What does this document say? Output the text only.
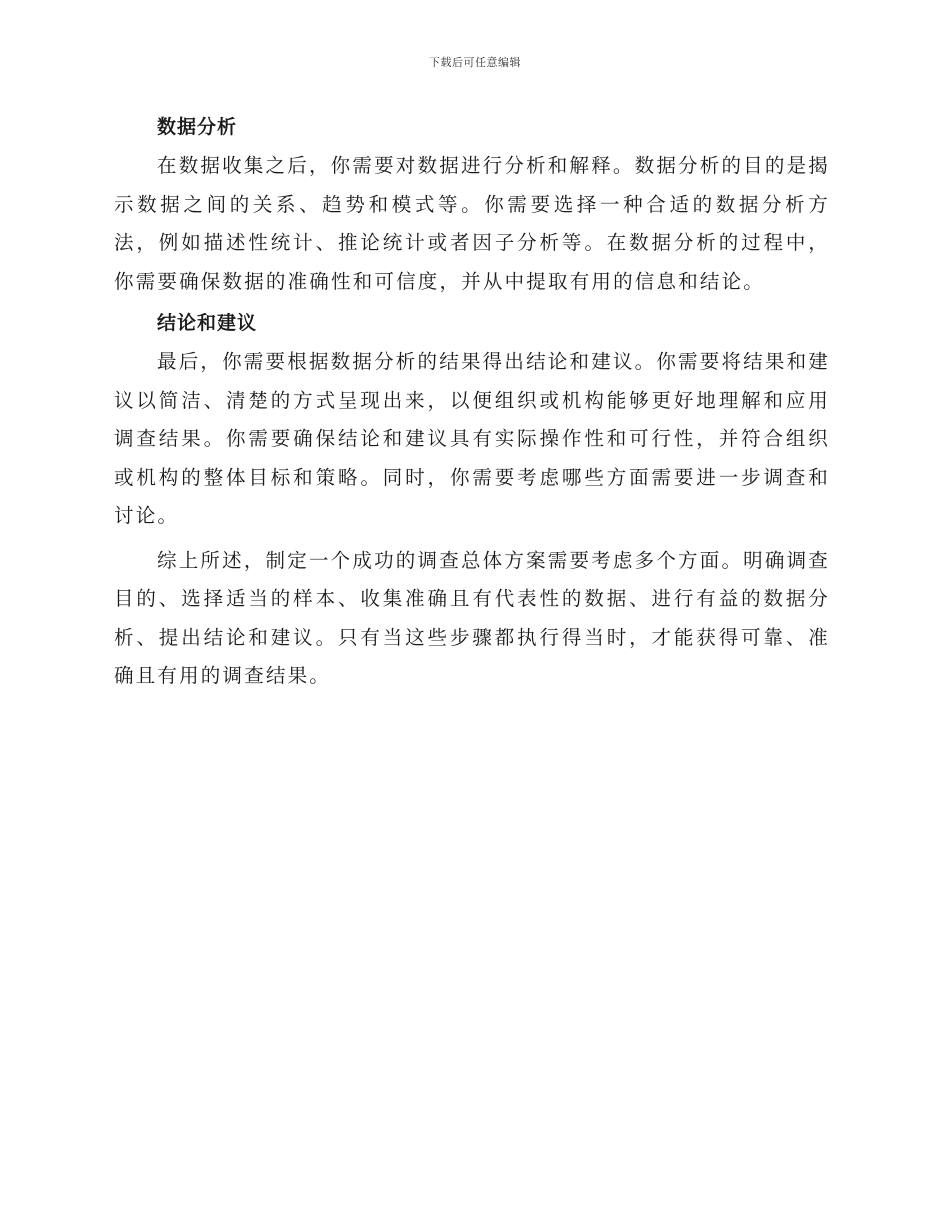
下载后可任意编辑
数据分析

在数据收集之后，你需要对数据进行分析和解释。数据分析的目的是揭示数据之间的关系、趋势和模式等。你需要选择一种合适的数据分析方法，例如描述性统计、推论统计或者因子分析等。在数据分析的过程中，你需要确保数据的准确性和可信度，并从中提取有用的信息和结论。

结论和建议

最后，你需要根据数据分析的结果得出结论和建议。你需要将结果和建议以简洁、清楚的方式呈现出来，以便组织或机构能够更好地理解和应用调查结果。你需要确保结论和建议具有实际操作性和可行性，并符合组织或机构的整体目标和策略。同时，你需要考虑哪些方面需要进一步调查和讨论。

综上所述，制定一个成功的调查总体方案需要考虑多个方面。明确调查目的、选择适当的样本、收集准确且有代表性的数据、进行有益的数据分析、提出结论和建议。只有当这些步骤都执行得当时，才能获得可靠、准确且有用的调查结果。
